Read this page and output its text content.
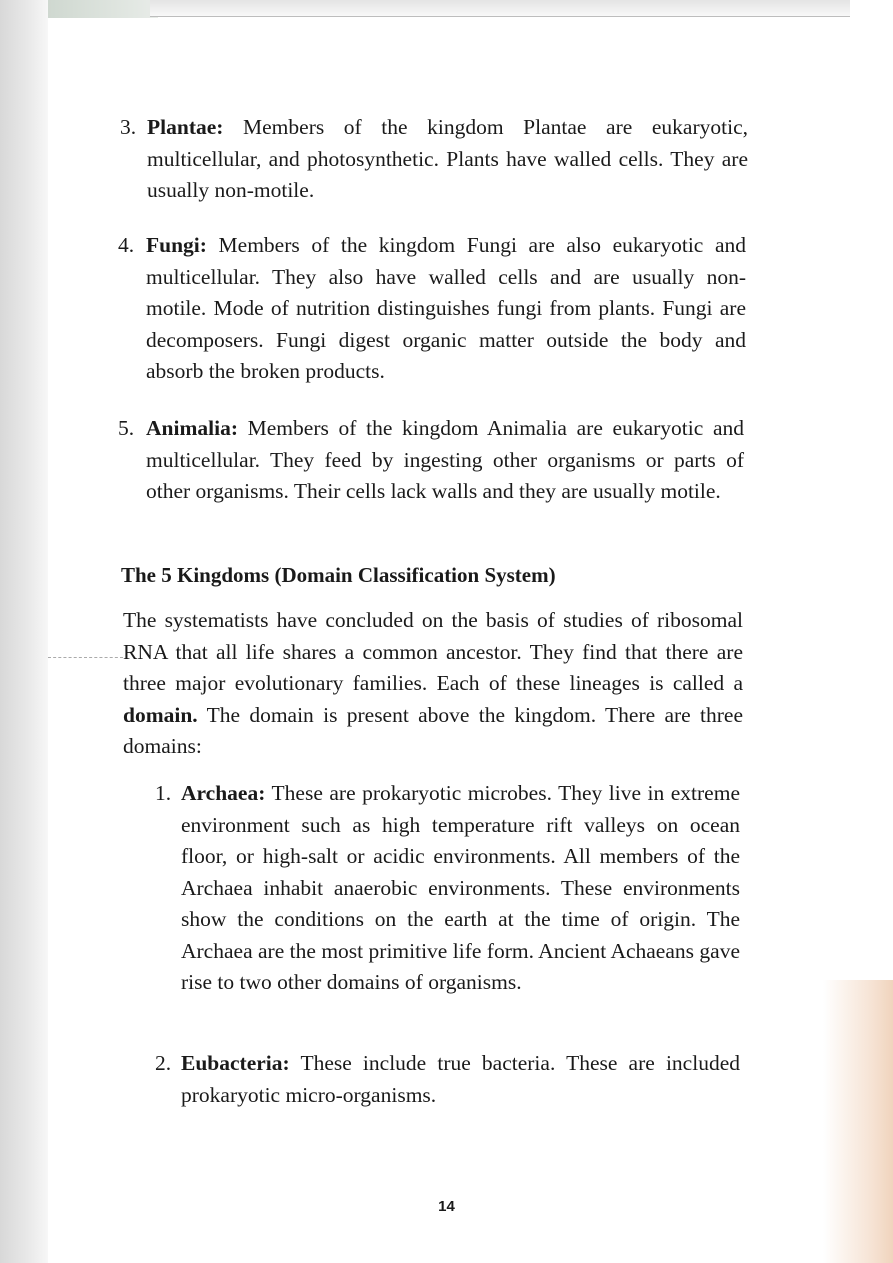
3. Plantae: Members of the kingdom Plantae are eukaryotic, multicellular, and photosynthetic. Plants have walled cells. They are usually non-motile.
4. Fungi: Members of the kingdom Fungi are also eukaryotic and multicellular. They also have walled cells and are usually non- motile. Mode of nutrition distinguishes fungi from plants. Fungi are decomposers. Fungi digest organic matter outside the body and absorb the broken products.
5. Animalia: Members of the kingdom Animalia are eukaryotic and multicellular. They feed by ingesting other organisms or parts of other organisms. Their cells lack walls and they are usually motile.
The 5 Kingdoms (Domain Classification System)
The systematists have concluded on the basis of studies of ribosomal RNA that all life shares a common ancestor. They find that there are three major evolutionary families. Each of these lineages is called a domain. The domain is present above the kingdom. There are three domains:
1. Archaea: These are prokaryotic microbes. They live in extreme environment such as high temperature rift valleys on ocean floor, or high-salt or acidic environments. All members of the Archaea inhabit anaerobic environments. These environments show the conditions on the earth at the time of origin. The Archaea are the most primitive life form. Ancient Achaeans gave rise to two other domains of organisms.
2. Eubacteria: These include true bacteria. These are included prokaryotic micro-organisms.
14
